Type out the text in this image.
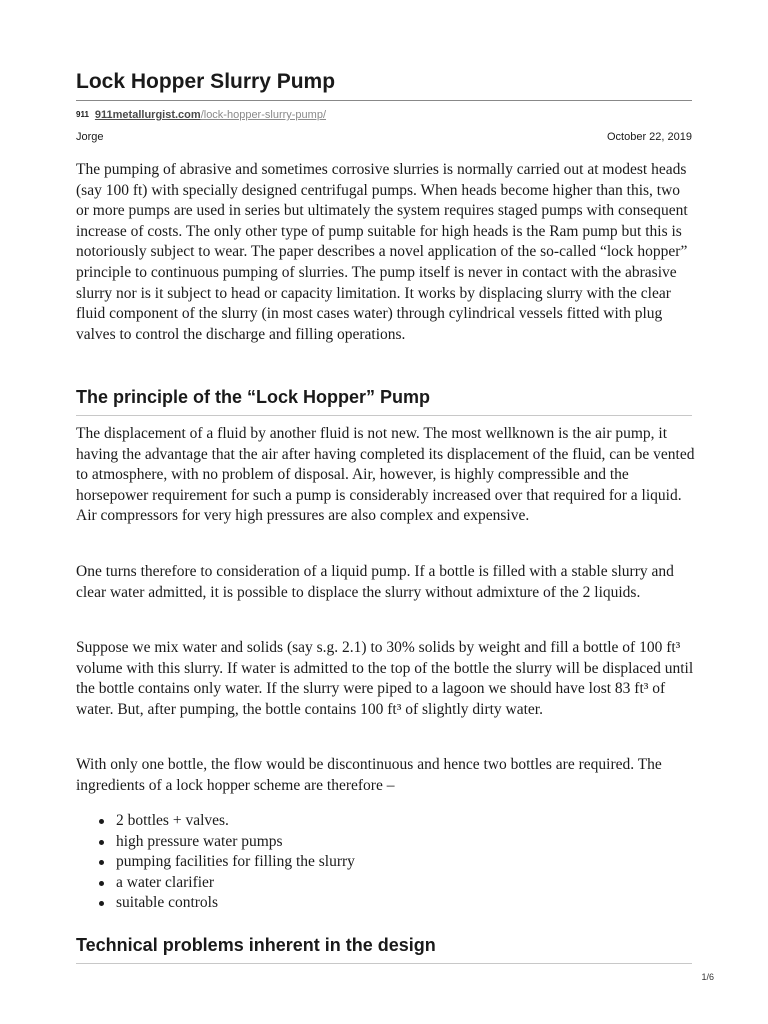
Lock Hopper Slurry Pump
911 911metallurgist.com/lock-hopper-slurry-pump/
Jorge	October 22, 2019

The pumping of abrasive and sometimes corrosive slurries is normally carried out at modest heads (say 100 ft) with specially designed centrifugal pumps. When heads become higher than this, two or more pumps are used in series but ultimately the system requires staged pumps with consequent increase of costs. The only other type of pump suitable for high heads is the Ram pump but this is notoriously subject to wear. The paper describes a novel application of the so-called “lock hopper” principle to continuous pumping of slurries. The pump itself is never in contact with the abrasive slurry nor is it subject to head or capacity limitation. It works by displacing slurry with the clear fluid component of the slurry (in most cases water) through cylindrical vessels fitted with plug valves to control the discharge and filling operations.

The principle of the “Lock Hopper” Pump

The displacement of a fluid by another fluid is not new. The most wellknown is the air pump, it having the advantage that the air after having completed its displacement of the fluid, can be vented to atmosphere, with no problem of disposal. Air, however, is highly compressible and the horsepower requirement for such a pump is considerably increased over that required for a liquid. Air compressors for very high pressures are also complex and expensive.

One turns therefore to consideration of a liquid pump. If a bottle is filled with a stable slurry and clear water admitted, it is possible to displace the slurry without admixture of the 2 liquids.

Suppose we mix water and solids (say s.g. 2.1) to 30% solids by weight and fill a bottle of 100 ft³ volume with this slurry. If water is admitted to the top of the bottle the slurry will be displaced until the bottle contains only water. If the slurry were piped to a lagoon we should have lost 83 ft³ of water. But, after pumping, the bottle contains 100 ft³ of slightly dirty water.

With only one bottle, the flow would be discontinuous and hence two bottles are required. The ingredients of a lock hopper scheme are therefore –

2 bottles + valves.
high pressure water pumps
pumping facilities for filling the slurry
a water clarifier
suitable controls
Technical problems inherent in the design
1/6
